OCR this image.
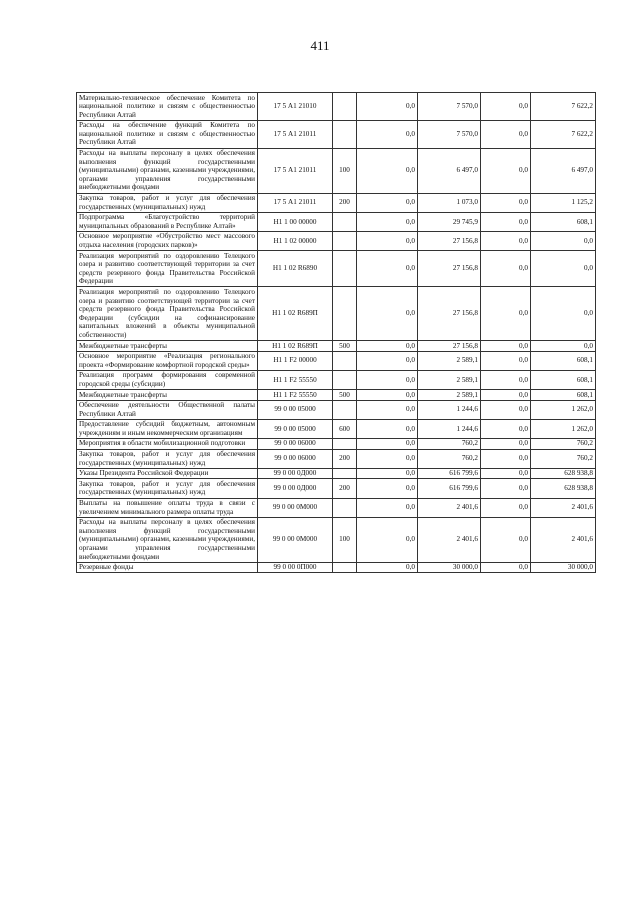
411
Материально-техническое обеспечение Комитета по национальной политике и связям с общественностью Республики Алтай	17 5 А1 21010		0,0	7 570,0	0,0	7 622,2
Расходы на обеспечение функций Комитета по национальной политике и связям с общественностью Республики Алтай	17 5 А1 21011		0,0	7 570,0	0,0	7 622,2
Расходы на выплаты персоналу в целях обеспечения выполнения функций государственными (муниципальными) органами, казенными учреждениями, органами управления государственными внебюджетными фондами	17 5 А1 21011	100	0,0	6 497,0	0,0	6 497,0
Закупка товаров, работ и услуг для обеспечения государственных (муниципальных) нужд	17 5 А1 21011	200	0,0	1 073,0	0,0	1 125,2
Подпрограмма «Благоустройство территорий муниципальных образований в Республике Алтай»	Н1 1 00 00000		0,0	29 745,9	0,0	608,1
Основное мероприятие «Обустройство мест массового отдыха населения (городских парков)»	Н1 1 02 00000		0,0	27 156,8	0,0	0,0
Реализация мероприятий по оздоровлению Телецкого озера и развитию соответствующей территории за счет средств резервного фонда Правительства Российской Федерации	Н1 1 02 R6890		0,0	27 156,8	0,0	0,0
Реализация мероприятий по оздоровлению Телецкого озера и развитию соответствующей территории за счет средств резервного фонда Правительства Российской Федерации (субсидии на софинансирование капитальных вложений в объекты муниципальной собственности)	Н1 1 02 R689П		0,0	27 156,8	0,0	0,0
Межбюджетные трансферты	Н1 1 02 R689П	500	0,0	27 156,8	0,0	0,0
Основное мероприятие «Реализация регионального проекта «Формирование комфортной городской среды»	Н1 1 F2 00000		0,0	2 589,1	0,0	608,1
Реализация программ формирования современной городской среды (субсидии)	Н1 1 F2 55550		0,0	2 589,1	0,0	608,1
Межбюджетные трансферты	Н1 1 F2 55550	500	0,0	2 589,1	0,0	608,1
Обеспечение деятельности Общественной палаты Республики Алтай	99 0 00 05000		0,0	1 244,6	0,0	1 262,0
Предоставление субсидий бюджетным, автономным учреждениям и иным некоммерческим организациям	99 0 00 05000	600	0,0	1 244,6	0,0	1 262,0
Мероприятия в области мобилизационной подготовки	99 0 00 06000		0,0	760,2	0,0	760,2
Закупка товаров, работ и услуг для обеспечения государственных (муниципальных) нужд	99 0 00 06000	200	0,0	760,2	0,0	760,2
Указы Президента Российской Федерации	99 0 00 0Д000		0,0	616 799,6	0,0	628 938,8
Закупка товаров, работ и услуг для обеспечения государственных (муниципальных) нужд	99 0 00 0Д000	200	0,0	616 799,6	0,0	628 938,8
Выплаты на повышение оплаты труда в связи с увеличением минимального размера оплаты труда	99 0 00 0М000		0,0	2 401,6	0,0	2 401,6
Расходы на выплаты персоналу в целях обеспечения выполнения функций государственными (муниципальными) органами, казенными учреждениями, органами управления государственными внебюджетными фондами	99 0 00 0М000	100	0,0	2 401,6	0,0	2 401,6
Резервные фонды	99 0 00 0П000		0,0	30 000,0	0,0	30 000,0
